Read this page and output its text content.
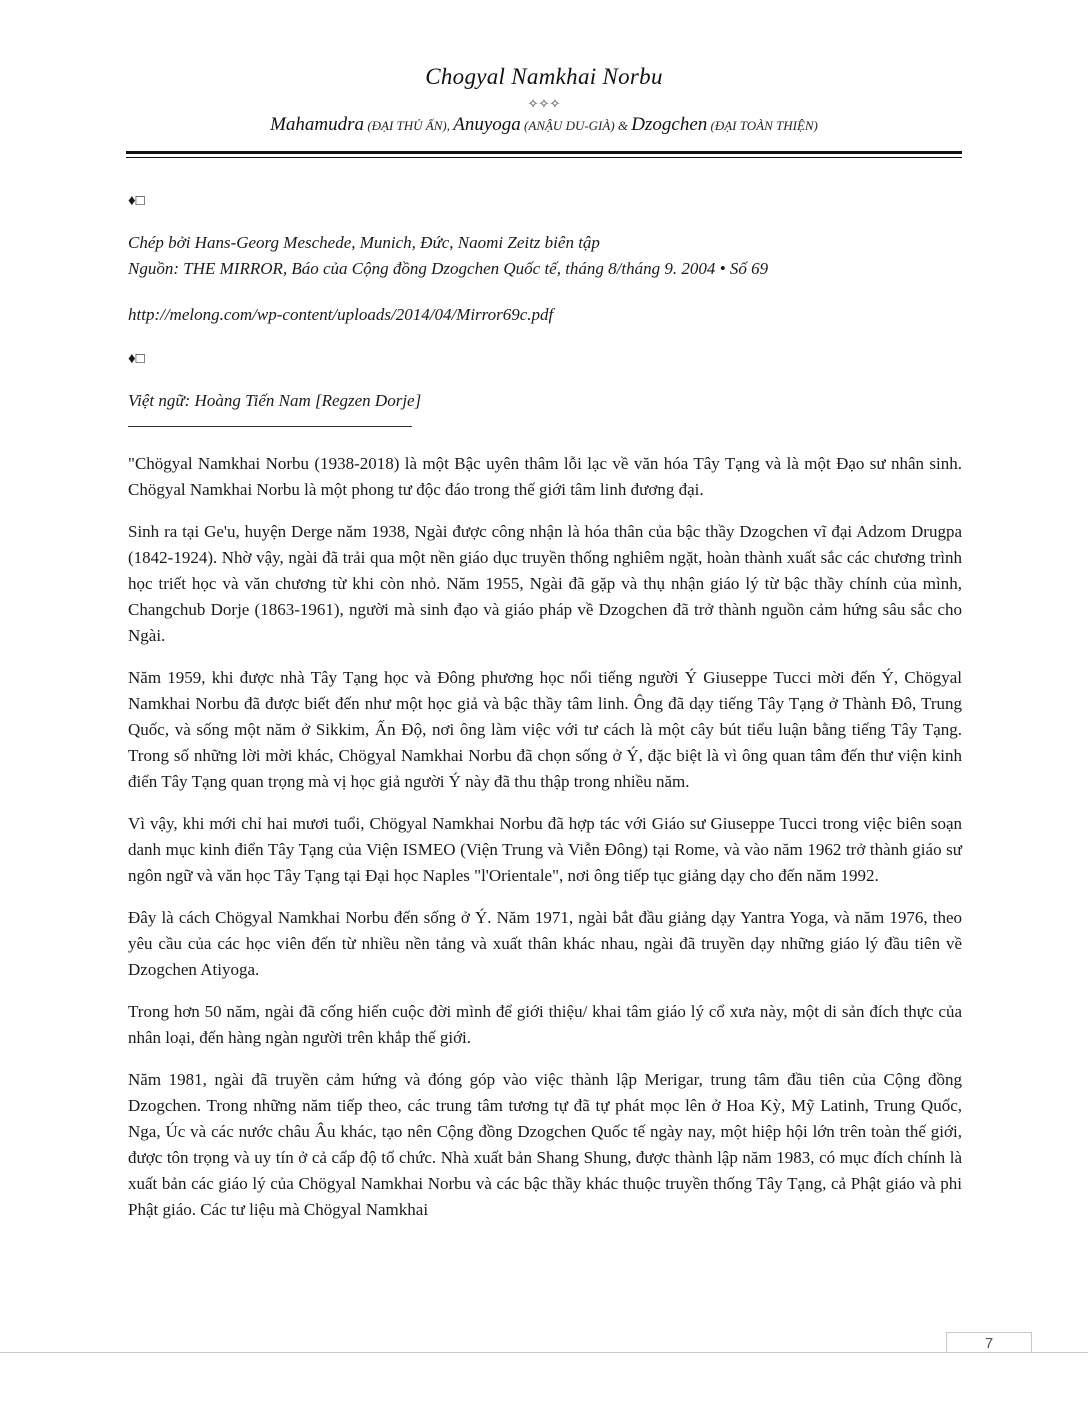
Chogyal Namkhai Norbu
✧✧✧
Mahamudra (ĐẠI THỦ ẤN), Anuyoga (ANẬU DU-GIÀ) & Dzogchen (ĐẠI TOÀN THIỆN)

♦□

Chép bởi Hans-Georg Meschede, Munich, Đức, Naomi Zeitz biên tập

Nguồn: THE MIRROR, Báo của Cộng đồng Dzogchen Quốc tế, tháng 8/tháng 9. 2004 • Số 69

http://melong.com/wp-content/uploads/2014/04/Mirror69c.pdf

♦□

Việt ngữ: Hoàng Tiến Nam [Regzen Dorje]

"Chögyal Namkhai Norbu (1938-2018) là một Bậc uyên thâm lỗi lạc về văn hóa Tây Tạng và là một Đạo sư nhân sinh. Chögyal Namkhai Norbu là một phong tư độc đáo trong thế giới tâm linh đương đại.

Sinh ra tại Ge'u, huyện Derge năm 1938, Ngài được công nhận là hóa thân của bậc thầy Dzogchen vĩ đại Adzom Drugpa (1842-1924). Nhờ vậy, ngài đã trải qua một nền giáo dục truyền thống nghiêm ngặt, hoàn thành xuất sắc các chương trình học triết học và văn chương từ khi còn nhỏ. Năm 1955, Ngài đã gặp và thụ nhận giáo lý từ bậc thầy chính của mình, Changchub Dorje (1863-1961), người mà sinh đạo và giáo pháp về Dzogchen đã trở thành nguồn cảm hứng sâu sắc cho Ngài.

Năm 1959, khi được nhà Tây Tạng học và Đông phương học nổi tiếng người Ý Giuseppe Tucci mời đến Ý, Chögyal Namkhai Norbu đã được biết đến như một học giả và bậc thầy tâm linh. Ông đã dạy tiếng Tây Tạng ở Thành Đô, Trung Quốc, và sống một năm ở Sikkim, Ấn Độ, nơi ông làm việc với tư cách là một cây bút tiểu luận bằng tiếng Tây Tạng. Trong số những lời mời khác, Chögyal Namkhai Norbu đã chọn sống ở Ý, đặc biệt là vì ông quan tâm đến thư viện kinh điển Tây Tạng quan trọng mà vị học giả người Ý này đã thu thập trong nhiều năm.

Vì vậy, khi mới chỉ hai mươi tuổi, Chögyal Namkhai Norbu đã hợp tác với Giáo sư Giuseppe Tucci trong việc biên soạn danh mục kinh điển Tây Tạng của Viện ISMEO (Viện Trung và Viễn Đông) tại Rome, và vào năm 1962 trở thành giáo sư ngôn ngữ và văn học Tây Tạng tại Đại học Naples "l'Orientale", nơi ông tiếp tục giảng dạy cho đến năm 1992.

Đây là cách Chögyal Namkhai Norbu đến sống ở Ý. Năm 1971, ngài bắt đầu giảng dạy Yantra Yoga, và năm 1976, theo yêu cầu của các học viên đến từ nhiều nền tảng và xuất thân khác nhau, ngài đã truyền dạy những giáo lý đầu tiên về Dzogchen Atiyoga.

Trong hơn 50 năm, ngài đã cống hiến cuộc đời mình để giới thiệu/ khai tâm giáo lý cổ xưa này, một di sản đích thực của nhân loại, đến hàng ngàn người trên khắp thế giới.

Năm 1981, ngài đã truyền cảm hứng và đóng góp vào việc thành lập Merigar, trung tâm đầu tiên của Cộng đồng Dzogchen. Trong những năm tiếp theo, các trung tâm tương tự đã tự phát mọc lên ở Hoa Kỳ, Mỹ Latinh, Trung Quốc, Nga, Úc và các nước châu Âu khác, tạo nên Cộng đồng Dzogchen Quốc tế ngày nay, một hiệp hội lớn trên toàn thế giới, được tôn trọng và uy tín ở cả cấp độ tổ chức. Nhà xuất bản Shang Shung, được thành lập năm 1983, có mục đích chính là xuất bản các giáo lý của Chögyal Namkhai Norbu và các bậc thầy khác thuộc truyền thống Tây Tạng, cả Phật giáo và phi Phật giáo. Các tư liệu mà Chögyal Namkhai

7
